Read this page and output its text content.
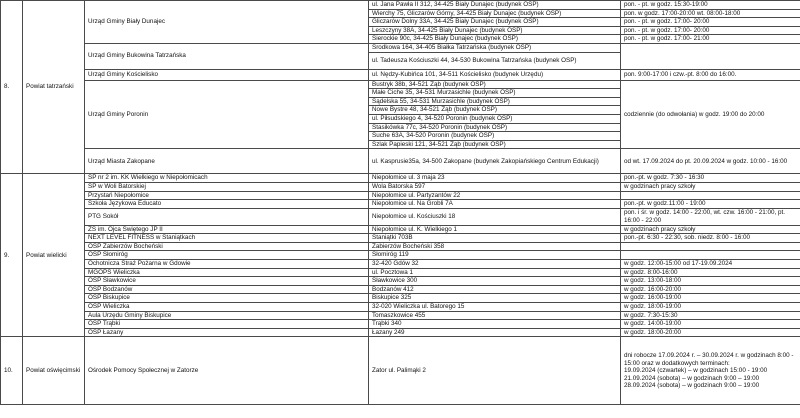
8.	Powiat tatrzański	Urząd Gminy Biały Dunajec	ul. Jana Pawła II 312, 34-425 Biały Dunajec (budynek OSP)	pon. - pt. w godz. 15:30-19:00
			Wierchy 75, Gliczarów Górny, 34-425 Biały Dunajec (budynek OSP)	pon. w godz. 17:00-20:00 wt. 08:00-18:00
			Gliczarów Dolny 33A, 34-425 Biały Dunajec (budynek OSP)	pon. - pt. w godz. 17:00- 20:00
			Leszczyny 38A, 34-425 Biały Dunajec (budynek OSP)	pon. - pt. w godz. 17:00- 20:00
			Sierockie 90c, 34-425 Biały Dunajec (budynek OSP)	pon. - pt. w godz. 17:00- 21:00
		Urząd Gminy Bukowina Tatrzańska	Środkowa 164, 34-405 Białka Tatrzańska (budynek OSP)	
			ul. Tadeusza Kościuszki 44, 34-530 Bukowina Tatrzańska (budynek OSP)	
		Urząd Gminy Kościelisko	ul. Nędzy-Kubińca 101, 34-511 Kościelisko (budynek Urzędu)	pon. 9:00-17:00 i czw.-pt. 8:00 do 16:00.
		Urząd Gminy Poronin	Bustryk 38b, 34-521 Ząb (budynek OSP)	codziennie (do odwołania) w godz. 19:00 do 20:00
			Małe Ciche 35, 34-531 Murzasichle (budynek OSP)	
			Sądelska 55, 34-531 Murzasichle (budynek OSP)	
			Nowe Bystre 48, 34-521 Ząb (budynek OSP)	
			ul. Piłsudskiego 4, 34-520 Poronin (budynek OSP)	
			Stasikówka 77c, 34-520 Poronin (budynek OSP)	
			Suche 63A, 34-520 Poronin (budynek OSP)	
			Szlak Papieski 121, 34-521 Ząb (budynek OSP)	
		Urząd Miasta Zakopane	ul. Kasprusie35a, 34-500 Zakopane (budynek Zakopiańskiego Centrum Edukacji)	od wt. 17.09.2024 do pt. 20.09.2024 w godz. 10:00 - 16:00
9.	Powiat wielicki	SP nr 2 im. KK Wielkiego w Niepołomicach	Niepołomice ul. 3 maja 23	pon.-pt. w godz. 7:30 - 16:30
		SP w Woli Batorskiej	Wola Batorska 597	w godzinach pracy szkoły
		Przystań Niepołomice	Niepołomice ul. Partyzantów 22	
		Szkoła Językowa Educato	Niepołomice ul. Na Grobli 7A	pon.-pt. w godz.11:00 - 19:00
		PTG Sokół	Niepołomice ul. Kościuszki 18	pon. i śr. w godz. 14:00 - 22:00, wt. czw. 16:00 - 21:00, pt. 16:00 - 22:00
		ZS im. Ojca Świętego JP II	Niepołomice ul. K. Wielkiego 1	w godzinach pracy szkoły
		NEXT LEVEL FITNESS w Staniątkach	Staniątki 703B	pon.-pt. 6:30 - 22:30, sob. niedz. 8:00 - 16:00
		OSP Zabierzów Bocheński	Zabierzów Bocheński 358	
		OSP Słomiróg	Słomiróg 119	
		Ochotnicza Straż Pożarna w Gdowie	32-420 Gdów 32	w godz. 12:00-15:00 od 17-19.09.2024
		MGOPS Wieliczka	ul. Pocztowa 1	w godz. 8:00-16:00
		OSP Sławkowice	Sławkowice 300	w godz. 13:00-18:00
		OSP Bodzanów	Bodzanów 412	w godz. 16:00-20:00
		OSP Biskupice	Biskupice 325	w godz. 16:00-19:00
		OSP Wieliczka	32-020 Wieliczka ul. Batorego 15	w godz. 18:00-19:00
		Aula Urzędu Gminy Biskupice	Tomaszkowice 455	w godz. 7:30-15:30
		OSP Trąbki	Trąbki 340	w godz. 14:00-19:00
		OSP Łazany	Łazany 249	w godz. 18:00-20:00
10.	Powiat oświęcimski	Ośrodek Pomocy Społecznej w Zatorze	Zator ul. Palimąki 2	dni robocze 17.09.2024 r. – 30.09.2024 r. w godzinach 8:00 -
15:00 oraz w dodatkowych terminach:
19.09.2024 (czwartek) – w godzinach 15:00 - 19:00
21.09.2024 (sobota) – w godzinach 9:00 – 19:00
28.09.2024 (sobota) – w godzinach 9:00 – 19:00
